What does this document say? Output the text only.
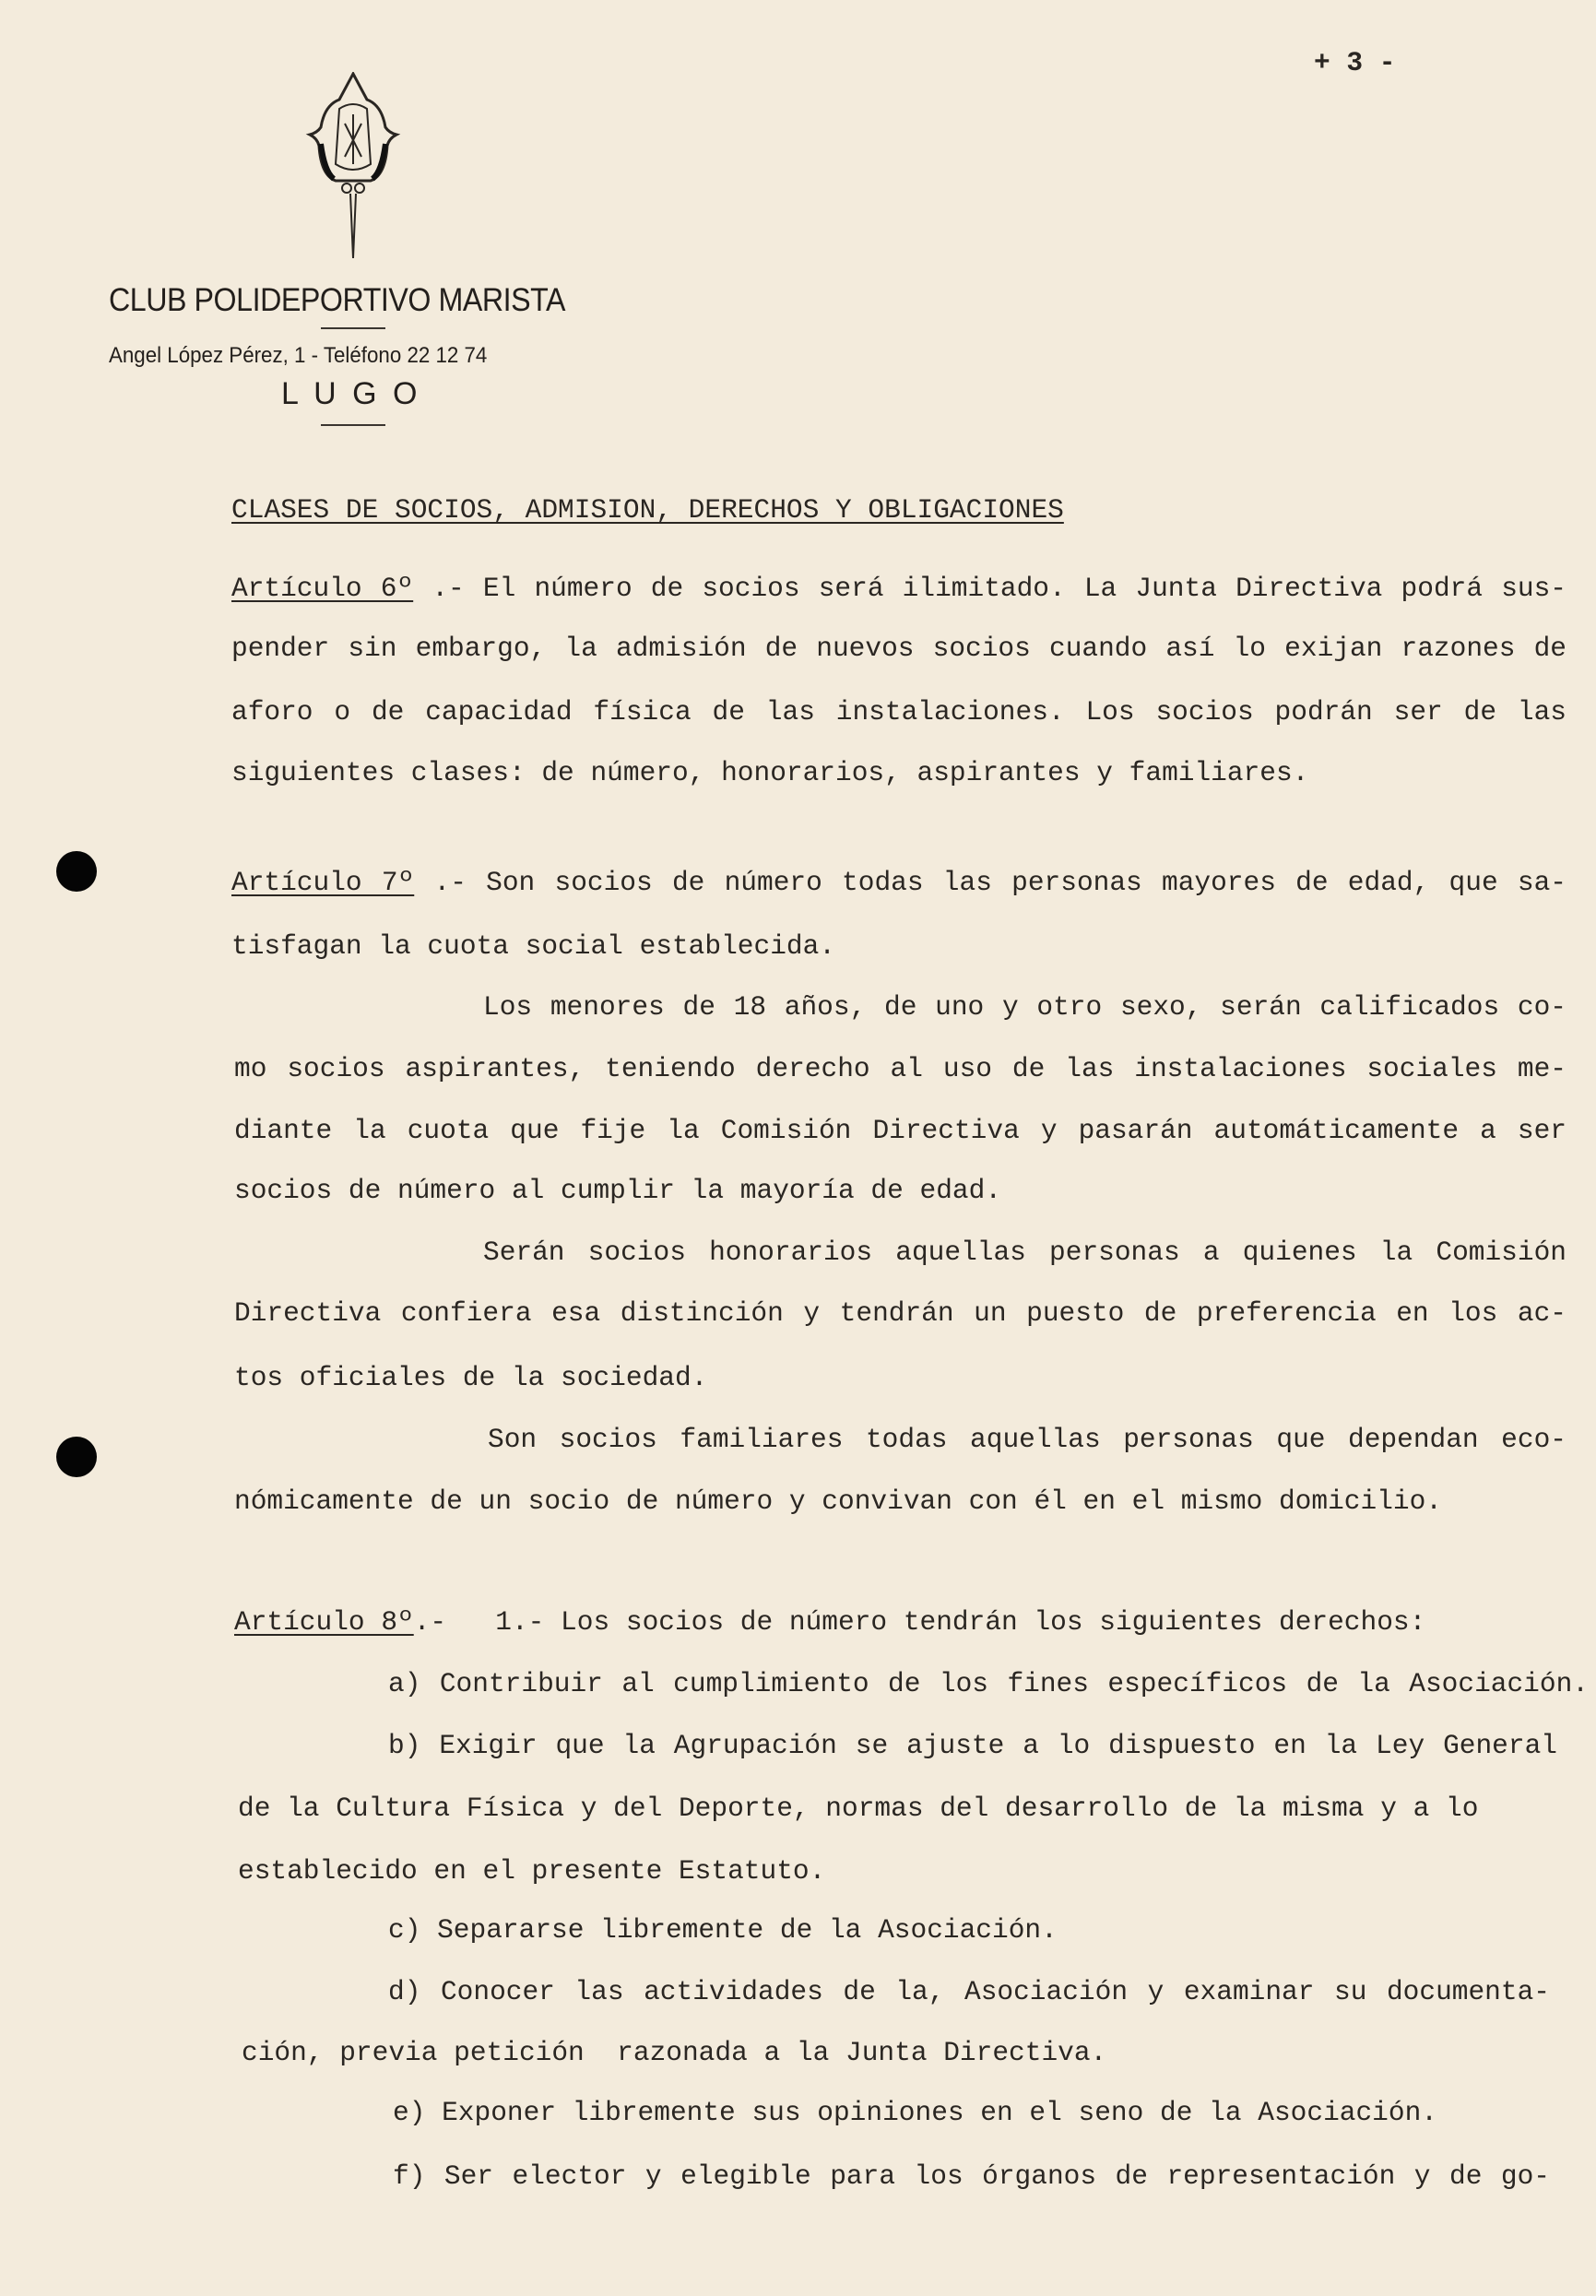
+ 3 -
CLUB POLIDEPORTIVO MARISTA
Angel López Pérez, 1 - Teléfono 22 12 74
L U G O
CLASES DE SOCIOS, ADMISION, DERECHOS Y OBLIGACIONES
Artículo 6º .- El número de socios será ilimitado. La Junta Directiva podrá sus-
pender sin embargo, la admisión de nuevos socios cuando así lo exijan razones de
aforo o de capacidad física de las instalaciones. Los socios podrán ser de las
siguientes clases: de número, honorarios, aspirantes y familiares.
Artículo 7º .- Son socios de número todas las personas mayores de edad, que sa-
tisfagan la cuota social establecida.
Los menores de 18 años, de uno y otro sexo, serán calificados co-
mo socios aspirantes, teniendo derecho al uso de las instalaciones sociales me-
diante la cuota que fije la Comisión Directiva y pasarán automáticamente a ser
socios de número al cumplir la mayoría de edad.
Serán socios honorarios aquellas personas a quienes la Comisión
Directiva confiera esa distinción y tendrán un puesto de preferencia en los ac-
tos oficiales de la sociedad.
Son socios familiares todas aquellas personas que dependan eco-
nómicamente de un socio de número y convivan con él en el mismo domicilio.
Artículo 8º.-   1.- Los socios de número tendrán los siguientes derechos:
a) Contribuir al cumplimiento de los fines específicos de la Asociación.
b) Exigir que la Agrupación se ajuste a lo dispuesto en la Ley General
de la Cultura Física y del Deporte, normas del desarrollo de la misma y a lo
establecido en el presente Estatuto.
c) Separarse libremente de la Asociación.
d) Conocer las actividades de la, Asociación y examinar su documenta-
ción, previa petición  razonada a la Junta Directiva.
e) Exponer libremente sus opiniones en el seno de la Asociación.
f) Ser elector y elegible para los órganos de representación y de go-
